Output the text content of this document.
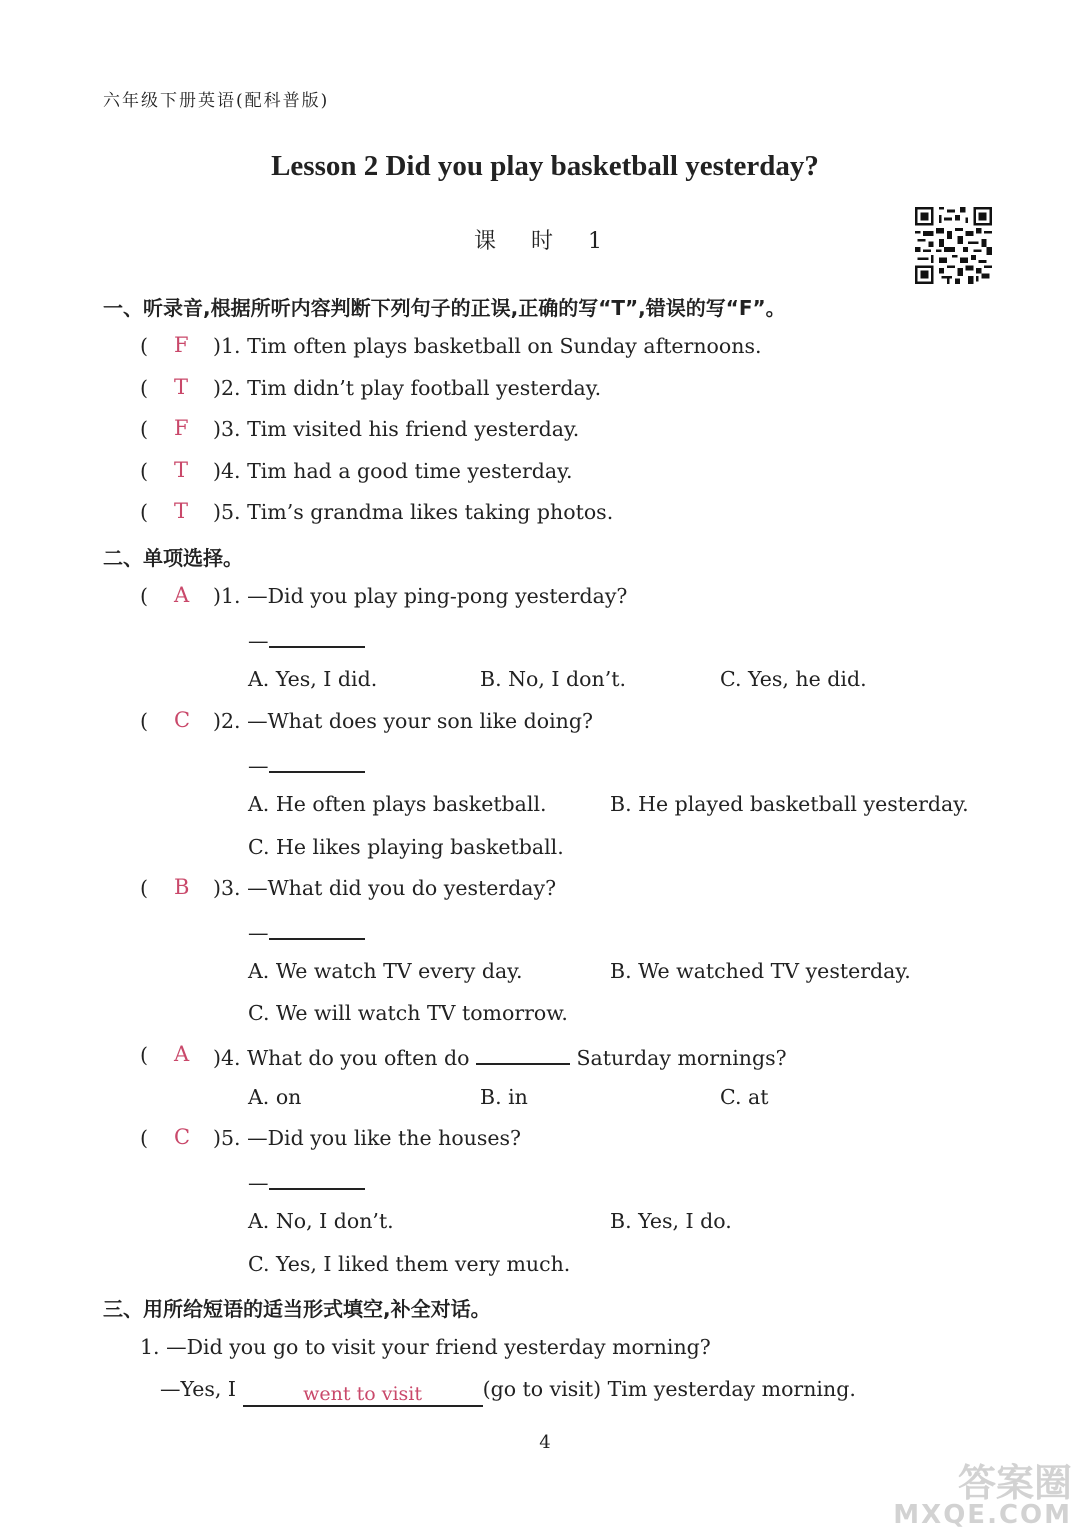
六年级下册英语(配科普版)
Lesson 2 Did you play basketball yesterday?
课 时 1
一、听录音,根据所听内容判断下列句子的正误,正确的写“T”,错误的写“F”。
( F )1. Tim often plays basketball on Sunday afternoons.
( T )2. Tim didn’t play football yesterday.
( F )3. Tim visited his friend yesterday.
( T )4. Tim had a good time yesterday.
( T )5. Tim’s grandma likes taking photos.
二、单项选择。
( A )1. —Did you play ping-pong yesterday?
—
A. Yes, I did.	B. No, I don’t.	C. Yes, he did.
( C )2. —What does your son like doing?
—
A. He often plays basketball.	B. He played basketball yesterday.
C. He likes playing basketball.
( B )3. —What did you do yesterday?
—
A. We watch TV every day.	B. We watched TV yesterday.
C. We will watch TV tomorrow.
( A )4. What do you often do	Saturday mornings?
A. on	B. in	C. at
( C )5. —Did you like the houses?
—
A. No, I don’t.	B. Yes, I do.
C. Yes, I liked them very much.
三、用所给短语的适当形式填空,补全对话。
1. —Did you go to visit your friend yesterday morning?
—Yes, I	went to visit	(go to visit) Tim yesterday morning.
4
答案圈
MXQE.COM
